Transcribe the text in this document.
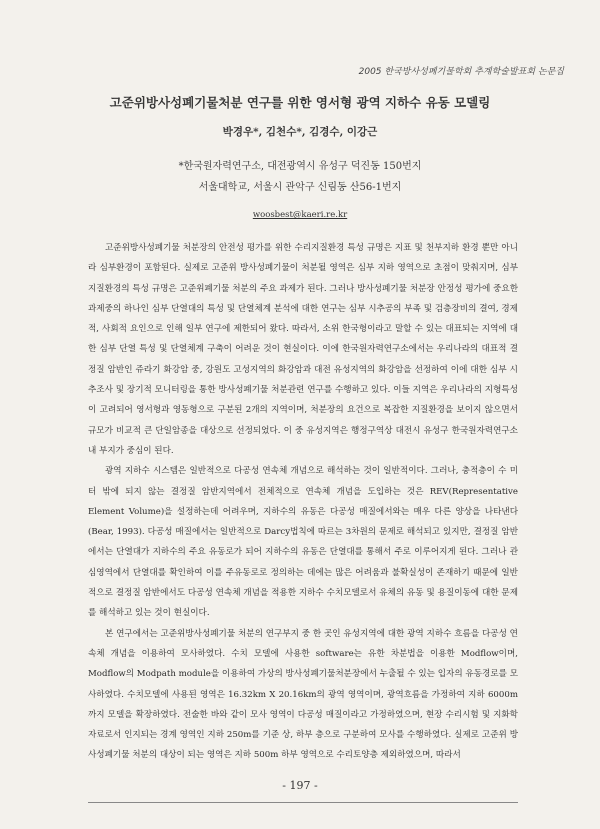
2005 한국방사성폐기물학회 추계학술발표회 논문집
고준위방사성폐기물처분 연구를 위한 영서형 광역 지하수 유동 모델링
박경우*, 김천수*, 김경수, 이강근
*한국원자력연구소, 대전광역시 유성구 덕진동 150번지
서울대학교, 서울시 관악구 신림동 산56-1번지
woosbest@kaeri.re.kr

고준위방사성폐기물 처분장의 안전성 평가를 위한 수리지질환경 특성 규명은 지표 및 천부지하 환경 뿐만 아니라 심부환경이 포함된다. 실제로 고준위 방사성폐기물이 처분될 영역은 심부 지하 영역으로 초점이 맞춰지며, 심부지질환경의 특성 규명은 고준위폐기물 처분의 주요 과제가 된다. 그러나 방사성폐기물 처분장 안정성 평가에 중요한 과제중의 하나인 심부 단열대의 특성 및 단열체계 분석에 대한 연구는 심부 시추공의 부족 및 검층장비의 결여, 경제적, 사회적 요인으로 인해 일부 연구에 제한되어 왔다. 따라서, 소위 한국형이라고 말할 수 있는 대표되는 지역에 대한 심부 단열 특성 및 단열체계 구축이 어려운 것이 현실이다. 이에 한국원자력연구소에서는 우리나라의 대표적 결정질 암반인 쥬라기 화강암 중, 강원도 고성지역의 화강암과 대전 유성지역의 화강암을 선정하여 이에 대한 심부 시추조사 및 장기적 모니터링을 통한 방사성폐기물 처분관련 연구를 수행하고 있다. 이들 지역은 우리나라의 지형특성이 고려되어 영서형과 영동형으로 구분된 2개의 지역이며, 처분장의 요건으로 복잡한 지질환경을 보이지 않으면서 규모가 비교적 큰 단일암종을 대상으로 선정되었다. 이 중 유성지역은 행정구역상 대전시 유성구 한국원자력연구소내 부지가 중심이 된다.

광역 지하수 시스템은 일반적으로 다공성 연속체 개념으로 해석하는 것이 일반적이다. 그러나, 충적층이 수 미터 밖에 되지 않는 결정질 암반지역에서 전체적으로 연속체 개념을 도입하는 것은 REV(Representative Element Volume)을 설정하는데 어려우며, 지하수의 유동은 다공성 매질에서와는 매우 다른 양상을 나타낸다(Bear, 1993). 다공성 매질에서는 일반적으로 Darcy법칙에 따르는 3차원의 문제로 해석되고 있지만, 결정질 암반에서는 단열대가 지하수의 주요 유동로가 되어 지하수의 유동은 단열대를 통해서 주로 이루어지게 된다. 그러나 관심영역에서 단열대를 확인하여 이를 주유동로로 정의하는 데에는 많은 어려움과 불확실성이 존재하기 때문에 일반적으로 결정질 암반에서도 다공성 연속체 개념을 적용한 지하수 수치모델로서 유체의 유동 및 용질이동에 대한 문제를 해석하고 있는 것이 현실이다.

본 연구에서는 고준위방사성폐기물 처분의 연구부지 중 한 곳인 유성지역에 대한 광역 지하수 흐름을 다공성 연속체 개념을 이용하여 모사하였다. 수치 모델에 사용한 software는 유한 차분법을 이용한 Modflow이며, Modflow의 Modpath module을 이용하여 가상의 방사성폐기물처분장에서 누출될 수 있는 입자의 유동경로를 모사하였다. 수치모델에 사용된 영역은 16.32km X 20.16km의 광역 영역이며, 광역흐름을 가정하여 지하 6000m까지 모델을 확장하였다. 전술한 바와 같이 모사 영역이 다공성 매질이라고 가정하였으며, 현장 수리시험 및 지화학 자료로서 인지되는 경계 영역인 지하 250m를 기준 상, 하부 층으로 구분하여 모사를 수행하였다. 실제로 고준위 방사성폐기물 처분의 대상이 되는 영역은 지하 500m 하부 영역으로 수리토양층 제외하였으며, 따라서

- 197 -
